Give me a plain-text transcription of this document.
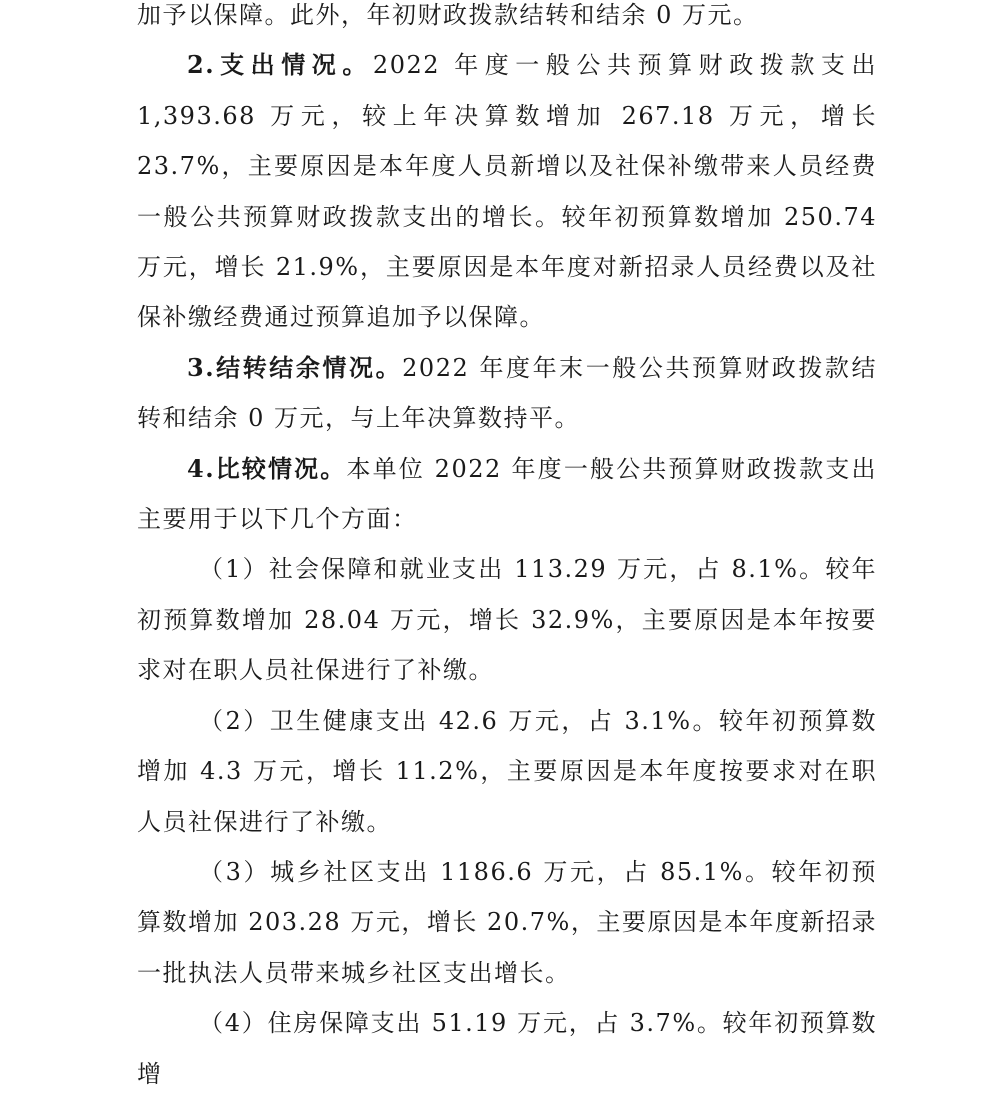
加予以保障。此外，年初财政拨款结转和结余 0 万元。

2.支出情况。2022 年度一般公共预算财政拨款支出 1,393.68 万元，较上年决算数增加 267.18 万元，增长 23.7%，主要原因是本年度人员新增以及社保补缴带来人员经费一般公共预算财政拨款支出的增长。较年初预算数增加 250.74 万元，增长 21.9%，主要原因是本年度对新招录人员经费以及社保补缴经费通过预算追加予以保障。

3.结转结余情况。2022 年度年末一般公共预算财政拨款结转和结余 0 万元，与上年决算数持平。

4.比较情况。本单位 2022 年度一般公共预算财政拨款支出主要用于以下几个方面：

（1）社会保障和就业支出 113.29 万元，占 8.1%。较年初预算数增加 28.04 万元，增长 32.9%，主要原因是本年按要求对在职人员社保进行了补缴。

（2）卫生健康支出 42.6 万元，占 3.1%。较年初预算数增加 4.3 万元，增长 11.2%，主要原因是本年度按要求对在职人员社保进行了补缴。

（3）城乡社区支出 1186.6 万元，占 85.1%。较年初预算数增加 203.28 万元，增长 20.7%，主要原因是本年度新招录一批执法人员带来城乡社区支出增长。

（4）住房保障支出 51.19 万元，占 3.7%。较年初预算数增
